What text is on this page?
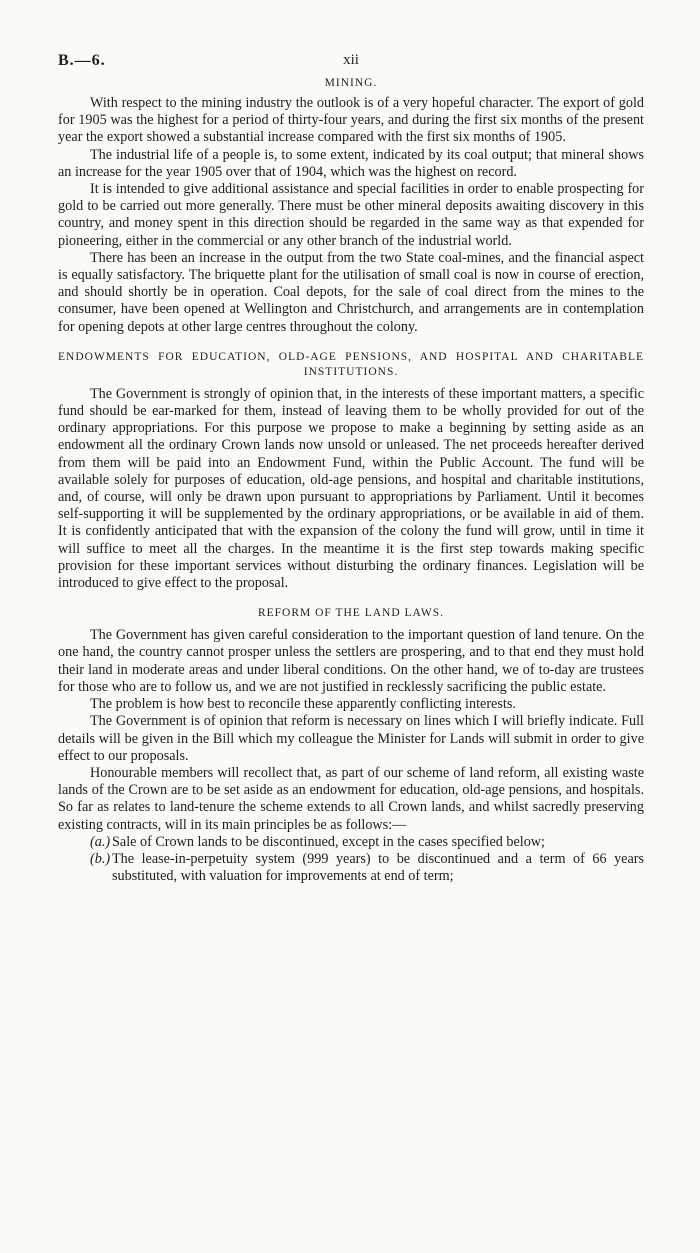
B.—6.	xii
MINING.

With respect to the mining industry the outlook is of a very hopeful character. The export of gold for 1905 was the highest for a period of thirty-four years, and during the first six months of the present year the export showed a substantial increase compared with the first six months of 1905.

The industrial life of a people is, to some extent, indicated by its coal output; that mineral shows an increase for the year 1905 over that of 1904, which was the highest on record.

It is intended to give additional assistance and special facilities in order to enable prospecting for gold to be carried out more generally. There must be other mineral deposits awaiting discovery in this country, and money spent in this direction should be regarded in the same way as that expended for pioneering, either in the commercial or any other branch of the industrial world.

There has been an increase in the output from the two State coal-mines, and the financial aspect is equally satisfactory. The briquette plant for the utilisation of small coal is now in course of erection, and should shortly be in operation. Coal depots, for the sale of coal direct from the mines to the consumer, have been opened at Wellington and Christchurch, and arrangements are in contemplation for opening depots at other large centres throughout the colony.

ENDOWMENTS FOR EDUCATION, OLD-AGE PENSIONS, AND HOSPITAL AND CHARITABLE INSTITUTIONS.

The Government is strongly of opinion that, in the interests of these important matters, a specific fund should be ear-marked for them, instead of leaving them to be wholly provided for out of the ordinary appropriations. For this purpose we propose to make a beginning by setting aside as an endowment all the ordinary Crown lands now unsold or unleased. The net proceeds hereafter derived from them will be paid into an Endowment Fund, within the Public Account. The fund will be available solely for purposes of education, old-age pensions, and hospital and charitable institutions, and, of course, will only be drawn upon pursuant to appropriations by Parliament. Until it becomes self-supporting it will be supplemented by the ordinary appropriations, or be available in aid of them. It is confidently anticipated that with the expansion of the colony the fund will grow, until in time it will suffice to meet all the charges. In the meantime it is the first step towards making specific provision for these important services without disturbing the ordinary finances. Legislation will be introduced to give effect to the proposal.

REFORM OF THE LAND LAWS.

The Government has given careful consideration to the important question of land tenure. On the one hand, the country cannot prosper unless the settlers are prospering, and to that end they must hold their land in moderate areas and under liberal conditions. On the other hand, we of to-day are trustees for those who are to follow us, and we are not justified in recklessly sacrificing the public estate.

The problem is how best to reconcile these apparently conflicting interests.

The Government is of opinion that reform is necessary on lines which I will briefly indicate. Full details will be given in the Bill which my colleague the Minister for Lands will submit in order to give effect to our proposals.

Honourable members will recollect that, as part of our scheme of land reform, all existing waste lands of the Crown are to be set aside as an endowment for education, old-age pensions, and hospitals. So far as relates to land-tenure the scheme extends to all Crown lands, and whilst sacredly preserving existing contracts, will in its main principles be as follows:—

(a.) Sale of Crown lands to be discontinued, except in the cases specified below;
(b.) The lease-in-perpetuity system (999 years) to be discontinued and a term of 66 years substituted, with valuation for improvements at end of term;
